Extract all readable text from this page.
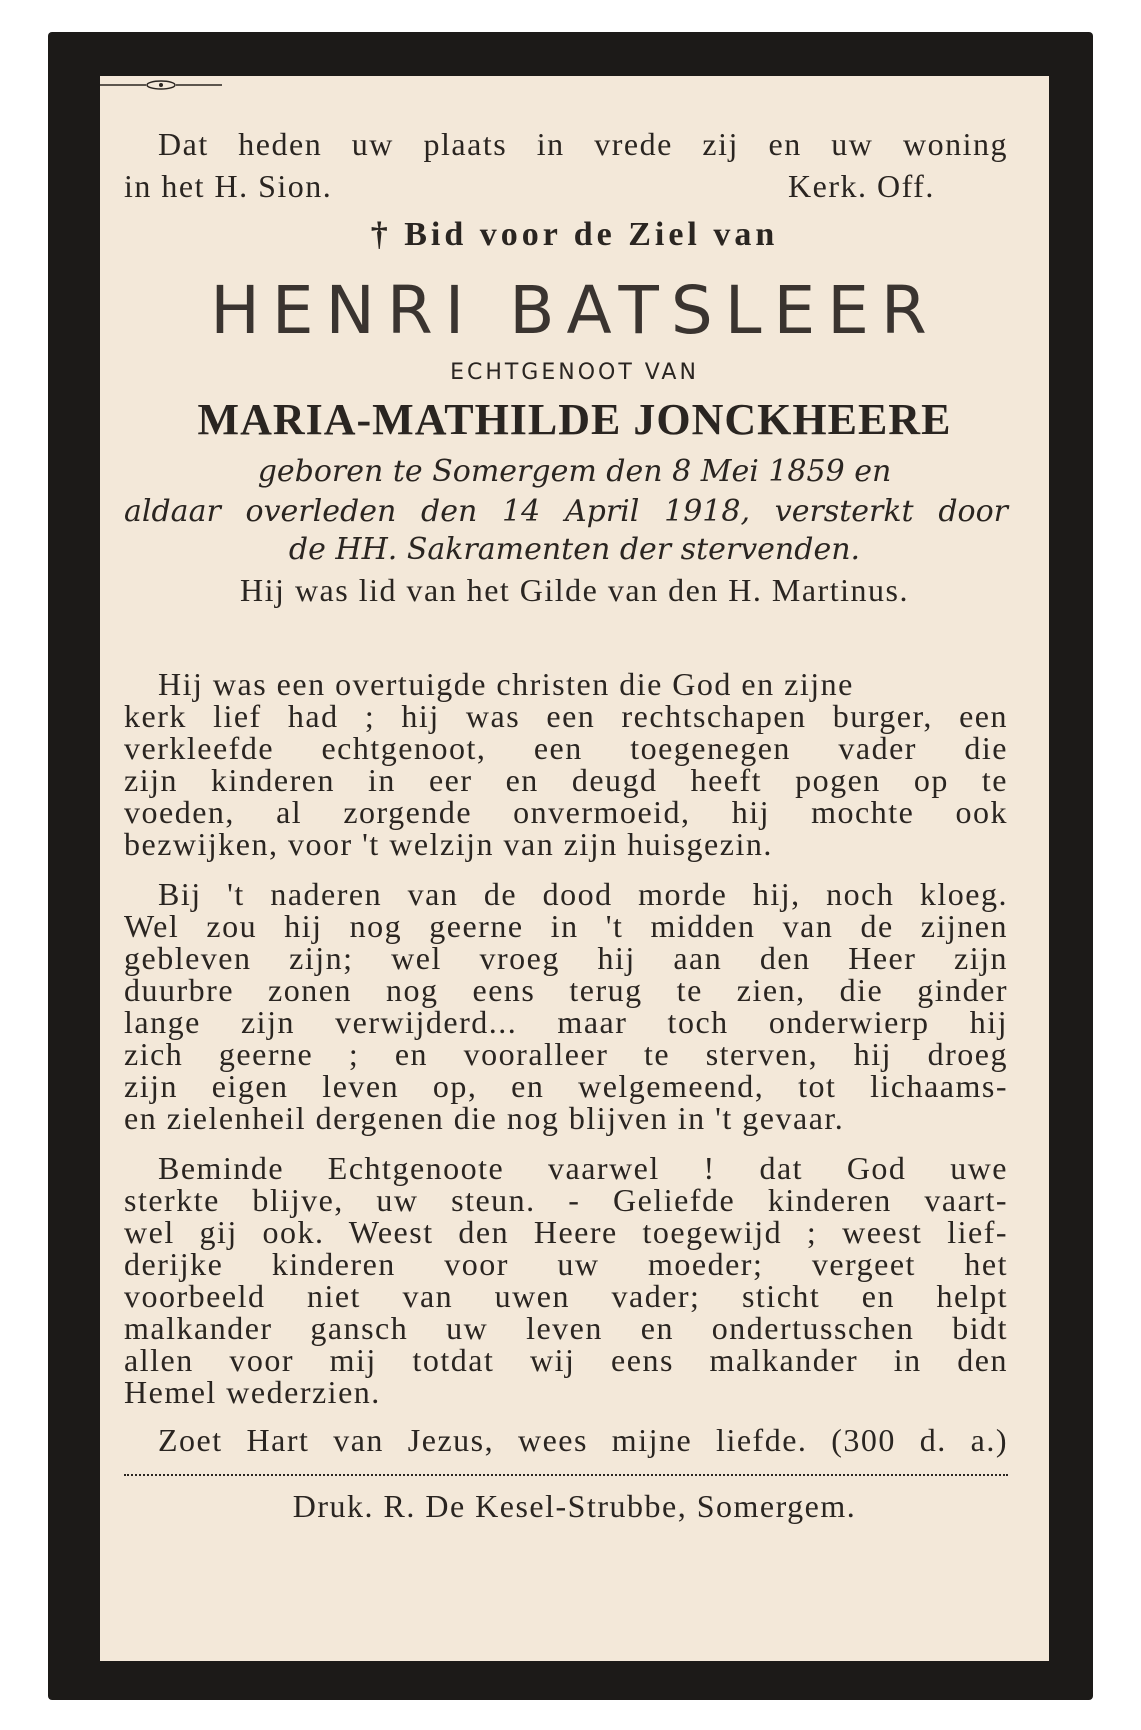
Dat heden uw plaats in vrede zij en uw woning
in het H. Sion.	Kerk. Off.
† Bid voor de Ziel van
HENRI BATSLEER
ECHTGENOOT VAN
MARIA-MATHILDE JONCKHEERE
geboren te Somergem den 8 Mei 1859 en
aldaar overleden den 14 April 1918, versterkt door
de HH. Sakramenten der stervenden.
Hij was lid van het Gilde van den H. Martinus.
Hij was een overtuigde christen die God en zijne
kerk lief had ; hij was een rechtschapen burger, een
verkleefde echtgenoot, een toegenegen vader die
zijn kinderen in eer en deugd heeft pogen op te
voeden, al zorgende onvermoeid, hij mochte ook
bezwijken, voor 't welzijn van zijn huisgezin.
Bij 't naderen van de dood morde hij, noch kloeg.
Wel zou hij nog geerne in 't midden van de zijnen
gebleven zijn; wel vroeg hij aan den Heer zijn
duurbre zonen nog eens terug te zien, die ginder
lange zijn verwijderd... maar toch onderwierp hij
zich geerne ; en vooralleer te sterven, hij droeg
zijn eigen leven op, en welgemeend, tot lichaams-
en zielenheil dergenen die nog blijven in 't gevaar.
Beminde Echtgenoote vaarwel ! dat God uwe
sterkte blijve, uw steun. - Geliefde kinderen vaart-
wel gij ook. Weest den Heere toegewijd ; weest lief-
derijke kinderen voor uw moeder; vergeet het
voorbeeld niet van uwen vader; sticht en helpt
malkander gansch uw leven en ondertusschen bidt
allen voor mij totdat wij eens malkander in den
Hemel wederzien.
Zoet Hart van Jezus, wees mijne liefde. (300 d. a.)
Druk. R. De Kesel-Strubbe, Somergem.
